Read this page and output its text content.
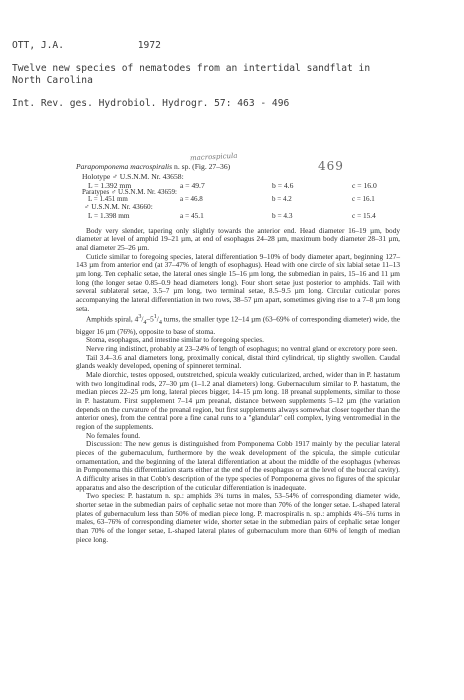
OTT, J.A.	1972
Twelve new species of nematodes from an intertidal sandflat in
North Carolina
Int. Rev. ges. Hydrobiol. Hydrogr. 57: 463 - 496
macrospicula
469
Parapomponema macrospiralis n. sp. (Fig. 27–36)
Holotype ♂ U.S.N.M. Nr. 43658:
L = 1.392 mm	a = 49.7	b = 4.6	c = 16.0
Paratypes ♂ U.S.N.M. Nr. 43659:
L = 1.451 mm	a = 46.8	b = 4.2	c = 16.1

♂ U.S.N.M. Nr. 43660:

L = 1.398 mm	a = 45.1	b = 4.3	c = 15.4

Body very slender, tapering only slightly towards the anterior end. Head diameter 16–19 µm, body diameter at level of amphid 19–21 µm, at end of esophagus 24–28 µm, maximum body diameter 28–31 µm, anal diameter 25–26 µm.

Cuticle similar to foregoing species, lateral differentiation 9–10% of body diameter apart, beginning 127–143 µm from anterior end (at 37–47% of length of esophagus). Head with one circle of six labial setae 11–13 µm long. Ten cephalic setae, the lateral ones single 15–16 µm long, the submedian in pairs, 15–16 and 11 µm long (the longer setae 0.85–0.9 head diameters long). Four short setae just posterior to amphids. Tail with several sublateral setae, 3.5–7 µm long, two terminal setae, 8.5–9.5 µm long. Circular cuticular pores accompanying the lateral differentiation in two rows, 38–57 µm apart, sometimes giving rise to a 7–8 µm long seta.

Amphids spiral, $4^3/_4-5^1/_4$ turns, the smaller type 12–14 µm (63–69% of corresponding diameter) wide, the bigger 16 µm (76%), opposite to base of stoma.

Stoma, esophagus, and intestine similar to foregoing species.

Nerve ring indistinct, probably at 23–24% of length of esophagus; no ventral gland or excretory pore seen.

Tail 3.4–3.6 anal diameters long, proximally conical, distal third cylindrical, tip slightly swollen. Caudal glands weakly developed, opening of spinneret terminal.

Male diorchic, testes opposed, outstretched, spicula weakly cuticularized, arched, wider than in P. hastatum with two longitudinal rods, 27–30 µm (1–1.2 anal diameters) long. Gubernaculum similar to P. hastatum, the median pieces 22–25 µm long, lateral pieces bigger, 14–15 µm long. 18 preanal supplements, similar to those in P. hastatum. First supplement 7–14 µm preanal, distance between supplements 5–12 µm (the variation depends on the curvature of the preanal region, but first supplements always somewhat closer together than the anterior ones), from the central pore a fine canal runs to a "glandular" cell complex, lying ventromedial in the region of the supplements.

No females found.

Discussion: The new genus is distinguished from Pomponema Cobb 1917 mainly by the peculiar lateral pieces of the gubernaculum, furthermore by the weak development of the spicula, the simple cuticular ornamentation, and the beginning of the lateral differentiation at about the middle of the esophagus (whereas in Pomponema this differentiation starts either at the end of the esophagus or at the level of the buccal cavity). A difficulty arises in that Cobb's description of the type species of Pomponema gives no figures of the spicular apparatus and also the description of the cuticular differentiation is inadequate.

Two species: P. hastatum n. sp.: amphids 3¾ turns in males, 53–54% of corresponding diameter wide, shorter setae in the submedian pairs of cephalic setae not more than 70% of the longer setae. L-shaped lateral plates of gubernaculum less than 50% of median piece long. P. macrospiralis n. sp.: amphids 4¾–5¼ turns in males, 63–76% of corresponding diameter wide, shorter setae in the submedian pairs of cephalic setae longer than 70% of the longer setae, L-shaped lateral plates of gubernaculum more than 60% of length of median piece long.
